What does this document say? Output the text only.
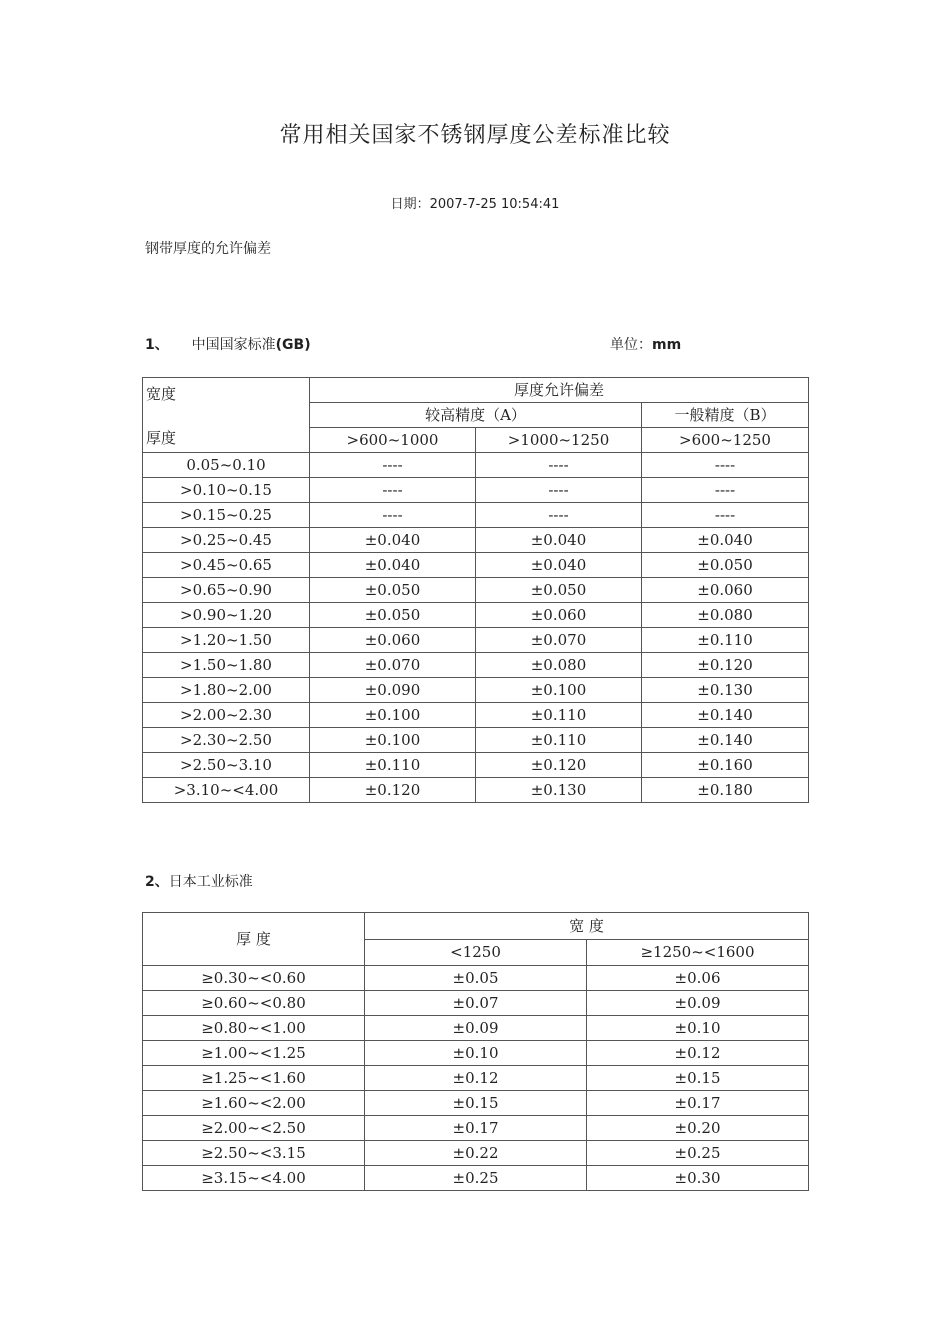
常用相关国家不锈钢厚度公差标准比较
日期：2007-7-25 10:54:41
钢带厚度的允许偏差
1、 中国国家标准(GB)	单位：mm
宽度
厚度	厚度允许偏差		
	较高精度（A）		一般精度（B）
	>600~1000	>1000~1250	>600~1250
0.05~0.10	----	----	----
>0.10~0.15	----	----	----
>0.15~0.25	----	----	----
>0.25~0.45	±0.040	±0.040	±0.040
>0.45~0.65	±0.040	±0.040	±0.050
>0.65~0.90	±0.050	±0.050	±0.060
>0.90~1.20	±0.050	±0.060	±0.080
>1.20~1.50	±0.060	±0.070	±0.110
>1.50~1.80	±0.070	±0.080	±0.120
>1.80~2.00	±0.090	±0.100	±0.130
>2.00~2.30	±0.100	±0.110	±0.140
>2.30~2.50	±0.100	±0.110	±0.140
>2.50~3.10	±0.110	±0.120	±0.160
>3.10~<4.00	±0.120	±0.130	±0.180
2、日本工业标准
厚 度	宽 度	
	<1250	≥1250~<1600
≥0.30~<0.60	±0.05	±0.06
≥0.60~<0.80	±0.07	±0.09
≥0.80~<1.00	±0.09	±0.10
≥1.00~<1.25	±0.10	±0.12
≥1.25~<1.60	±0.12	±0.15
≥1.60~<2.00	±0.15	±0.17
≥2.00~<2.50	±0.17	±0.20
≥2.50~<3.15	±0.22	±0.25
≥3.15~<4.00	±0.25	±0.30
